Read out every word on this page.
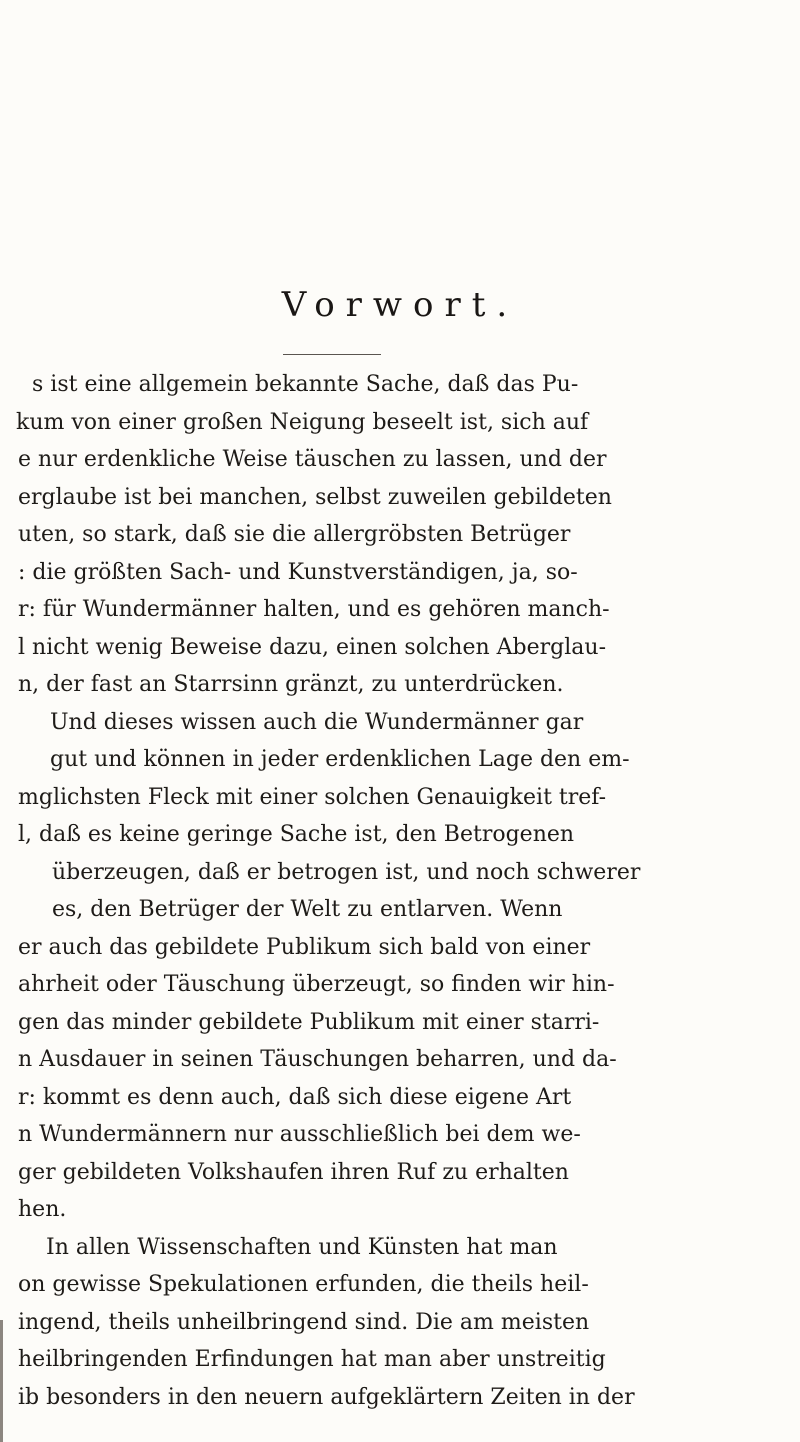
Vorwort.
s ist eine allgemein bekannte Sache, daß das Pu-
kum von einer großen Neigung beseelt ist, sich auf
e nur erdenkliche Weise täuschen zu lassen, und der
erglaube ist bei manchen, selbst zuweilen gebildeten
uten, so stark, daß sie die allergröbsten Betrüger
: die größten Sach- und Kunstverständigen, ja, so-
r: für Wundermänner halten, und es gehören manch-
l nicht wenig Beweise dazu, einen solchen Aberglau-
n, der fast an Starrsinn gränzt, zu unterdrücken.
Und dieses wissen auch die Wundermänner gar
gut und können in jeder erdenklichen Lage den em-
mglichsten Fleck mit einer solchen Genauigkeit tref-
l, daß es keine geringe Sache ist, den Betrogenen
überzeugen, daß er betrogen ist, und noch schwerer
es, den Betrüger der Welt zu entlarven. Wenn
er auch das gebildete Publikum sich bald von einer
ahrheit oder Täuschung überzeugt, so finden wir hin-
gen das minder gebildete Publikum mit einer starri-
n Ausdauer in seinen Täuschungen beharren, und da-
r: kommt es denn auch, daß sich diese eigene Art
n Wundermännern nur ausschließlich bei dem we-
ger gebildeten Volkshaufen ihren Ruf zu erhalten
hen.
In allen Wissenschaften und Künsten hat man
on gewisse Spekulationen erfunden, die theils heil-
ingend, theils unheilbringend sind. Die am meisten
heilbringenden Erfindungen hat man aber unstreitig
ib besonders in den neuern aufgeklärtern Zeiten in der
